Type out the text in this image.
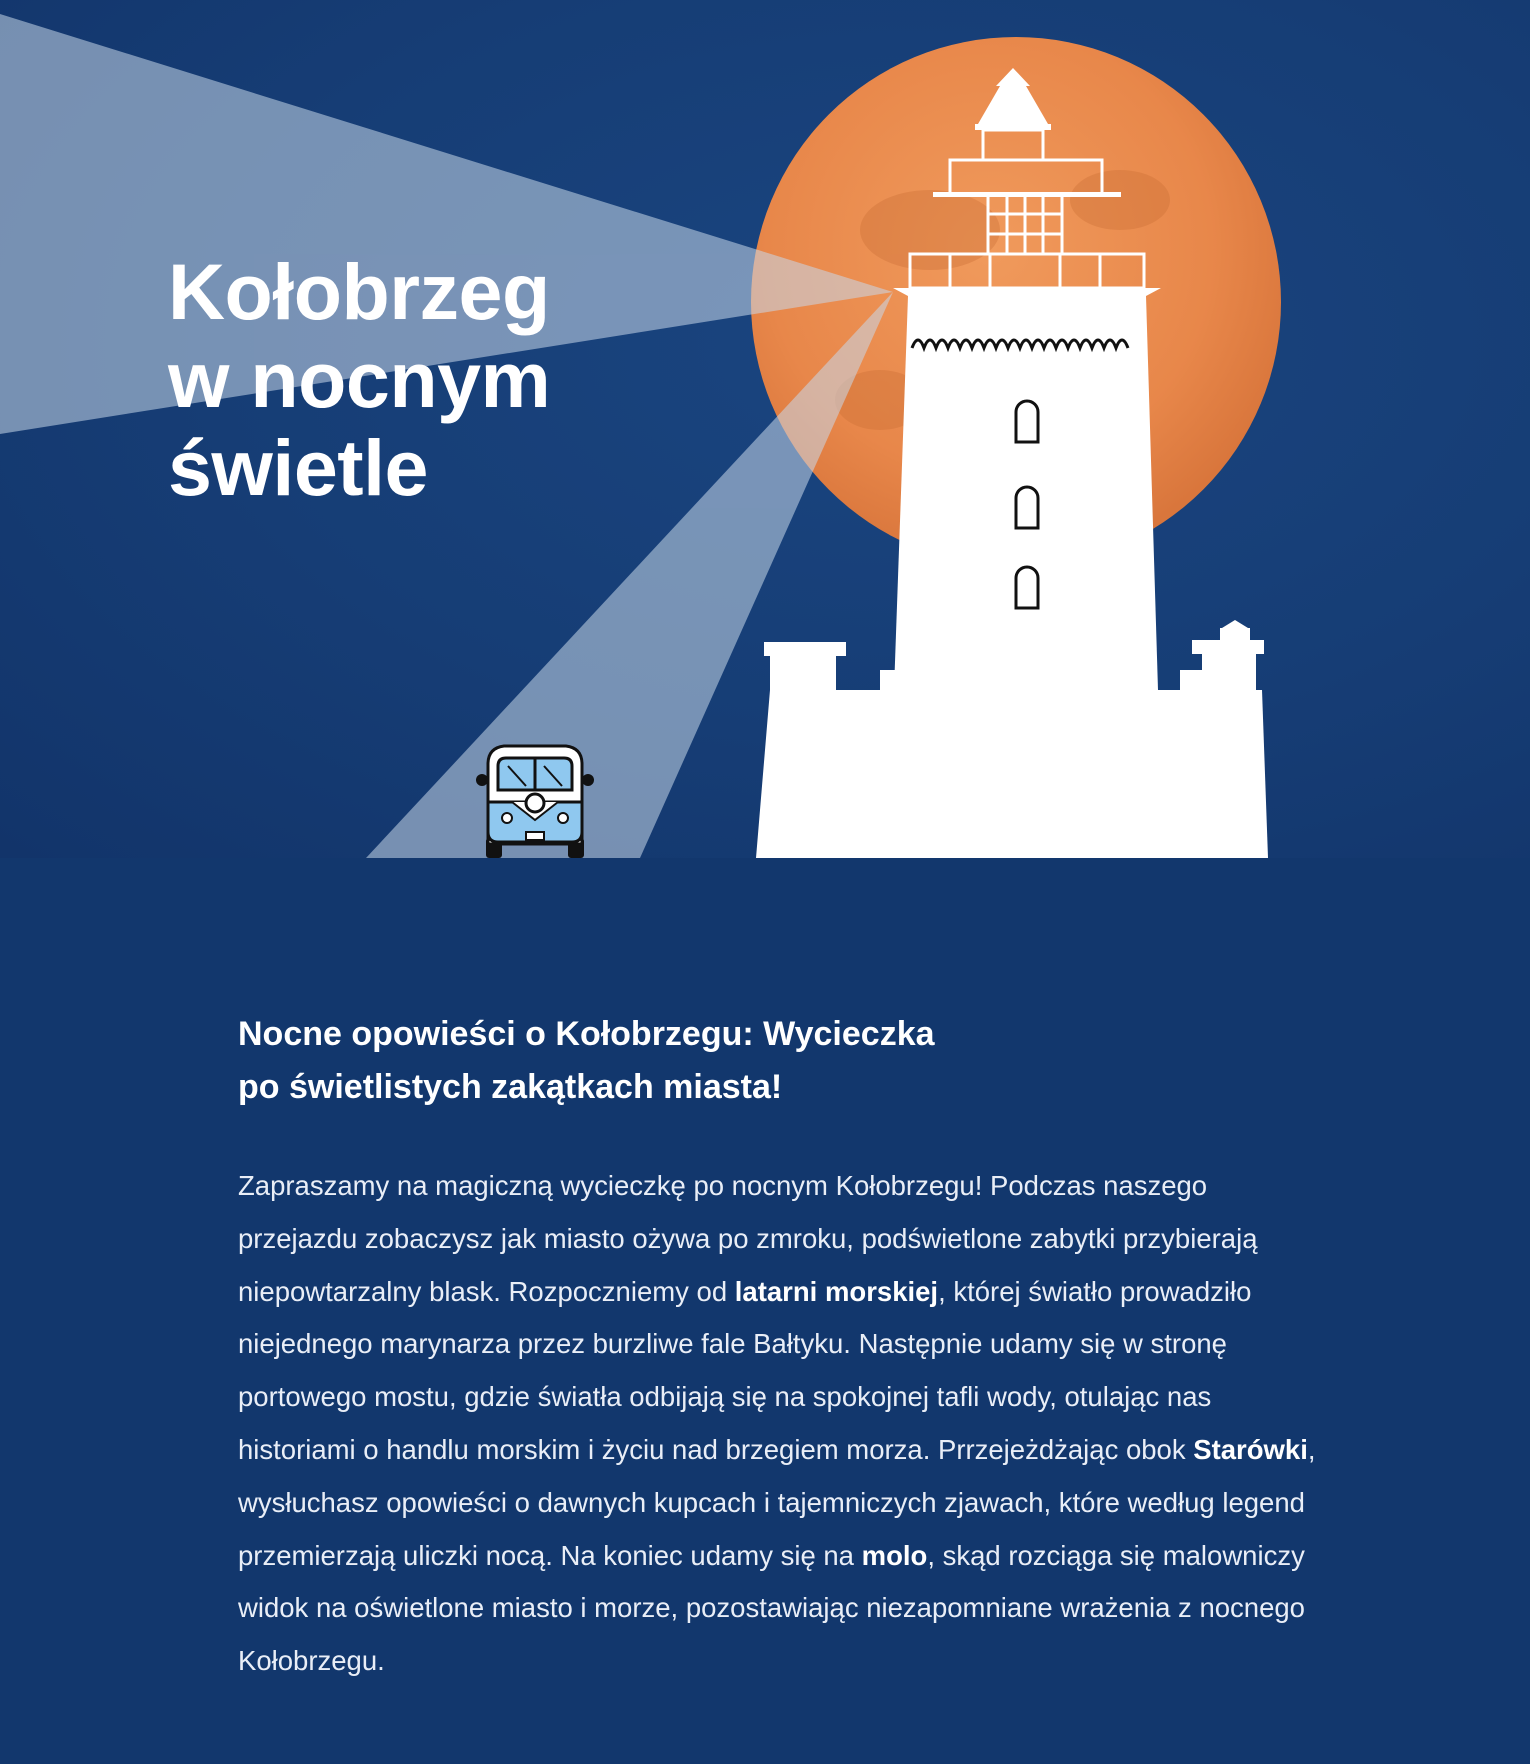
Kołobrzeg
w nocnym
świetle
Nocne opowieści o Kołobrzegu: Wycieczka
po świetlistych zakątkach miasta!

Zapraszamy na magiczną wycieczkę po nocnym Kołobrzegu! Podczas naszego przejazdu zobaczysz jak miasto ożywa po zmroku, podświetlone zabytki przybierają niepowtarzalny blask. Rozpoczniemy od latarni morskiej, której światło prowadziło niejednego marynarza przez burzliwe fale Bałtyku. Następnie udamy się w stronę portowego mostu, gdzie światła odbijają się na spokojnej tafli wody, otulając nas historiami o handlu morskim i życiu nad brzegiem morza. Prrzejeżdżając obok Starówki, wysłuchasz opowieści o dawnych kupcach i tajemniczych zjawach, które według legend przemierzają uliczki nocą. Na koniec udamy się na molo, skąd rozciąga się malowniczy widok na oświetlone miasto i morze, pozostawiając niezapomniane wrażenia z nocnego Kołobrzegu.
